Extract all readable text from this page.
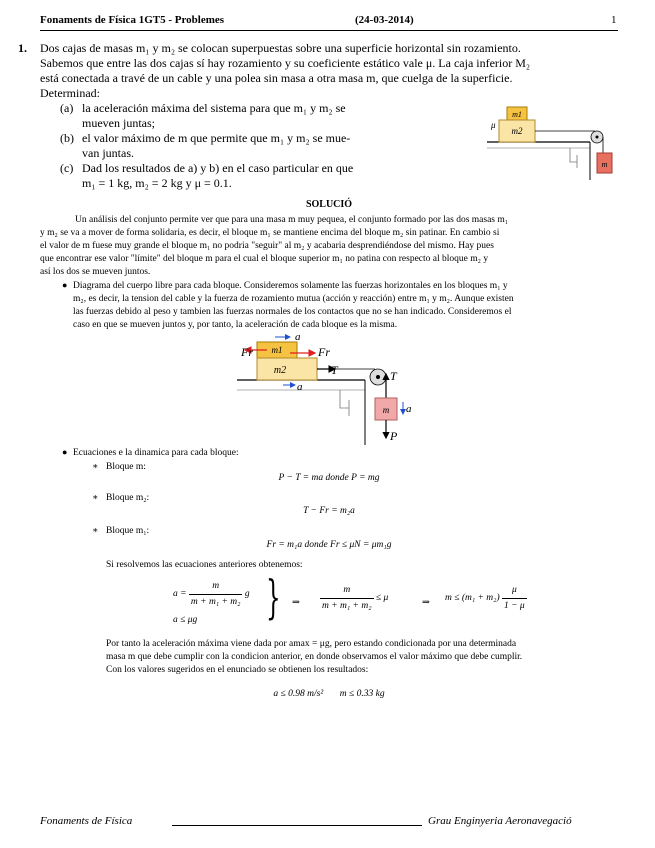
Fonaments de Física 1GT5 - Problemes	(24-03-2014)	1
1. Dos cajas de masas m₁ y m₂ se colocan superpuestas sobre una superficie horizontal sin rozamiento.
Sabemos que entre las dos cajas sí hay rozamiento y su coeficiente estático vale μ. La caja inferior M₂
está conectada a travé de un cable y una polea sin masa a otra masa m, que cuelga de la superficie.
Determinad:
(a) la aceleración máxima del sistema para que m₁ y m₂ se
mueven juntas;
(b) el valor máximo de m que permite que m₁ y m₂ se mue-
van juntas.
(c) Dad los resultados de a) y b) en el caso particular en que
m₁ = 1 kg, m₂ = 2 kg y μ = 0.1.
m1
m2
μ
m
SOLUCIÓ
Un análisis del conjunto permite ver que para una masa m muy pequea, el conjunto formado por las dos masas m₁
y m₂ se va a mover de forma solidaria, es decir, el bloque m₁ se mantiene encima del bloque m₂ sin patinar. En cambio si
el valor de m fuese muy grande el bloque m₁ no podria "seguir" al m₂ y acabaria desprendiéndose del mismo. Hay pues
que encontrar ese valor "límite" del bloque m para el cual el bloque superior m₁ no patina con respecto al bloque m₂ y
así los dos se mueven juntos.
● Diagrama del cuerpo libre para cada bloque. Consideremos solamente las fuerzas horizontales en los bloques m₁ y
m₂, es decir, la tension del cable y la fuerza de rozamiento mutua (acción y reacción) entre m₁ y m₂. Aunque existen
las fuerzas debido al peso y tambien las fuerzas normales de los contactos que no se han indicado. Consideremos el
caso en que se mueven juntos y, por tanto, la aceleración de cada bloque es la misma.
m1
m2
a
Fr	Fr
T
a
T
m a
P
● Ecuaciones e la dinamica para cada bloque:
∗ Bloque m:
P − T = ma donde P = mg
∗ Bloque m₂:
T − Fr = m₂a
∗ Bloque m₁:
Fr = m₁a donde Fr ≤ μN = μm₁g
Si resolvemos las ecuaciones anteriores obtenemos:
$a = \frac{m}{\text{m + m₁ + m₂}}$ g
a ≤ μg } ⇒ $\frac{m}{\text{m + m₁ + m₂}} \le \mu$	⇒ $m \le (m_1 + m_2) \frac{\mu}{1 - \mu}$
Por tanto la aceleración máxima viene dada por amax = μg, pero estando condicionada por una determinada
masa m que debe cumplir con la condicion anterior, en donde observamos el valor máximo que debe cumplir.
Con los valores sugeridos en el enunciado se obtienen los resultados:
a ≤ 0.98 m/s²       m ≤ 0.33 kg
Fonaments de Física	Grau Enginyeria Aeronavegació
